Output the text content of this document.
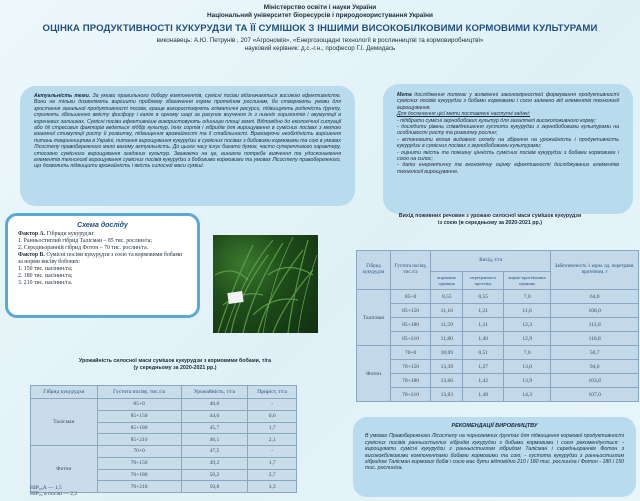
Міністерство освіти і науки України
Національний університет біоресурсів і природокористування України
ОЦІНКА ПРОДУКТИВНОСТІ КУКУРУДЗИ ТА ЇЇ СУМІШОК З ІНШИМИ ВИСОКОБІЛКОВИМИ КОРМОВИМИ КУЛЬТУРАМИ
виконавець: А.Ю. Петрунів , 207 «Агрономія», «Енергозощадні технології в рослинництві та кормовиробництві»
науковий керівник: д.с.-г.н., професор Г.І. Демидась
Актуальність теми. За умови правильного добору компонентів, сумісні посіви відзначаються високою ефективністю. Вони не тільки дозволяють вирішити проблему збагачення корма протеїном рослинам, бо створюють умови для зростання загальної продуктивності посівів, краще використовують кліматичні ресурси, підвищують родючість ґрунту, сприяють збільшенню вмісту фосфору і калію в орному шарі за рахунок виучення їх з нижніх горизонтів і акумуляції в кореневих залишках. Сумісні посіви ефективніше використовують одиницю площі землі. Відповідно до екологічної ситуації або дії стресових факторів ведеться підбір культур, їхніх сортів і гібридів для вирощування в сумісних посівах з метою взаємної стимуляції росту й розвитку, підвищення врожайності та її стабільності. Враховуючи необхідність вирішення питань тваринництва в Україні, питання вирощування кукурудзи в сумісних посівах з бобовими кормовими та сою в умовах Лісостепу правобережного мало вагому актуальність. До цього часу існує багато думок, часто суперечливого характеру, стосовно сумісного вирощування згаданих культур. Зважаючи на це, виникла потреба вивчення та удосконалення елементів технології вирощування сумісних посівів кукурудзи з бобовими кормовими та умовах Лісостепу правобережного, що дозволить підвищити врожайність і якість силосної маси суміші.
Мета дослідження полягає у виявленні закономірностей формування продуктивності сумісних посівів кукурудзи з бобами кормовими і соєю залежно від елементів технології вирощування.
Для досягнення цієї мети поставлені наступні задачі:
- підібрати сумісні зернобобових культур для загалтелі високопоживного корму;
- дослідити рівень співвідношення густоти кукурудзи з зернобобовими культурами на особливості росту та розвитку рослин;
- встановити вплив видового складу на збірення на урожайність і продуктивність кукурудзи в сумісних посівах з зернобобовими культурами;
- оцінити якість та поживну цінність сумісних посівів кукурудзи з бобами кормовими і соєю на силос;
- дати енергетичну та економічну оцінку ефективності досліджуваних елементів технології вирощування.
Схема досліду
Фактор А. Гібриди кукурудзи:
1. Ранньостиглий гібрид Талісман – 85 тис. рослин/га;
2. Середньоранній гібрид Фотон – 70 тис. рослин/га.
Фактор В. Сумісні посіви кукурудзи з соєю та кормовими бобами за норми висіву бобових:
1. 150 тис. насінин/га;
2. 180 тис. насінин/га;
3. 210 тис. насінин/га.
Вихід поживних речовин з урожаю силосної маси сумішок кукурудзи
із соєю (в середньому за 2020-2021 рр.)
Гібрид кукурудзи	Густота посіву, тис./га	Вихід, т/га			Забезпеченість 1 корм. од. перетравн. протеїном, г
		кормових одиниць	перетравного протеїну	кормо-протеїнових одиниць	
Талісман	85+0	8,55	0,55	7,0	64,0
	85+150	11,16	1,21	11,6	108,0
	85+180	11,59	1,31	12,3	112,8
	85+210	11,80	1,40	12,9	118,8
Фотон	70+0	10,09	0,51	7,6	50,7
	70+150	13,39	1,27	13,0	94,6
	70+180	13,66	1,42	13,9	103,8
	70+210	13,83	1,48	14,3	107,0
Урожайність силосної маси сумішок кукурудзи з кормовими бобами, т/га
(у середньому за 2020-2021 рр.)
Гібрид кукурудзи	Густота посіву, тис./га	Урожайність, т/га	Приріст, т/га
Талісман	85+0	40,0	-
	85+150	44,6	0,6
	85+180	45,7	1,7
	85+210	46,1	2,1
Фотон	70+0	47,5	-
	70+150	49,2	1,7
	70+180	50,2	2,7
	70+210	50,8	3,3
НІР₀₅А — 1,5
НІР₀₅ в посіві — 2,2
РЕКОМЕНДАЦІЇ ВИРОБНИЦТВУ
В умовах Правобережного Лісостепу на чорноземних ґрунтах для підвищення кормової продуктивності сумісних посівів ранньостиглих гібридів кукурудзи з бобами кормовими і соєю рекомендується: - вирощувати сумісні кукурудзи з ранньостиглим гібридом Талісман і середньораннім Фотон з висококбілковими компонентами бобами кормовими та сою; - густота кукурудзи з ранньостиглим гібридом Талісман кормових бобів і соєю має бути відповідно 210 і 180 тис. рослин/га і Фотон - 180 і 150 тис. рослин/га.
